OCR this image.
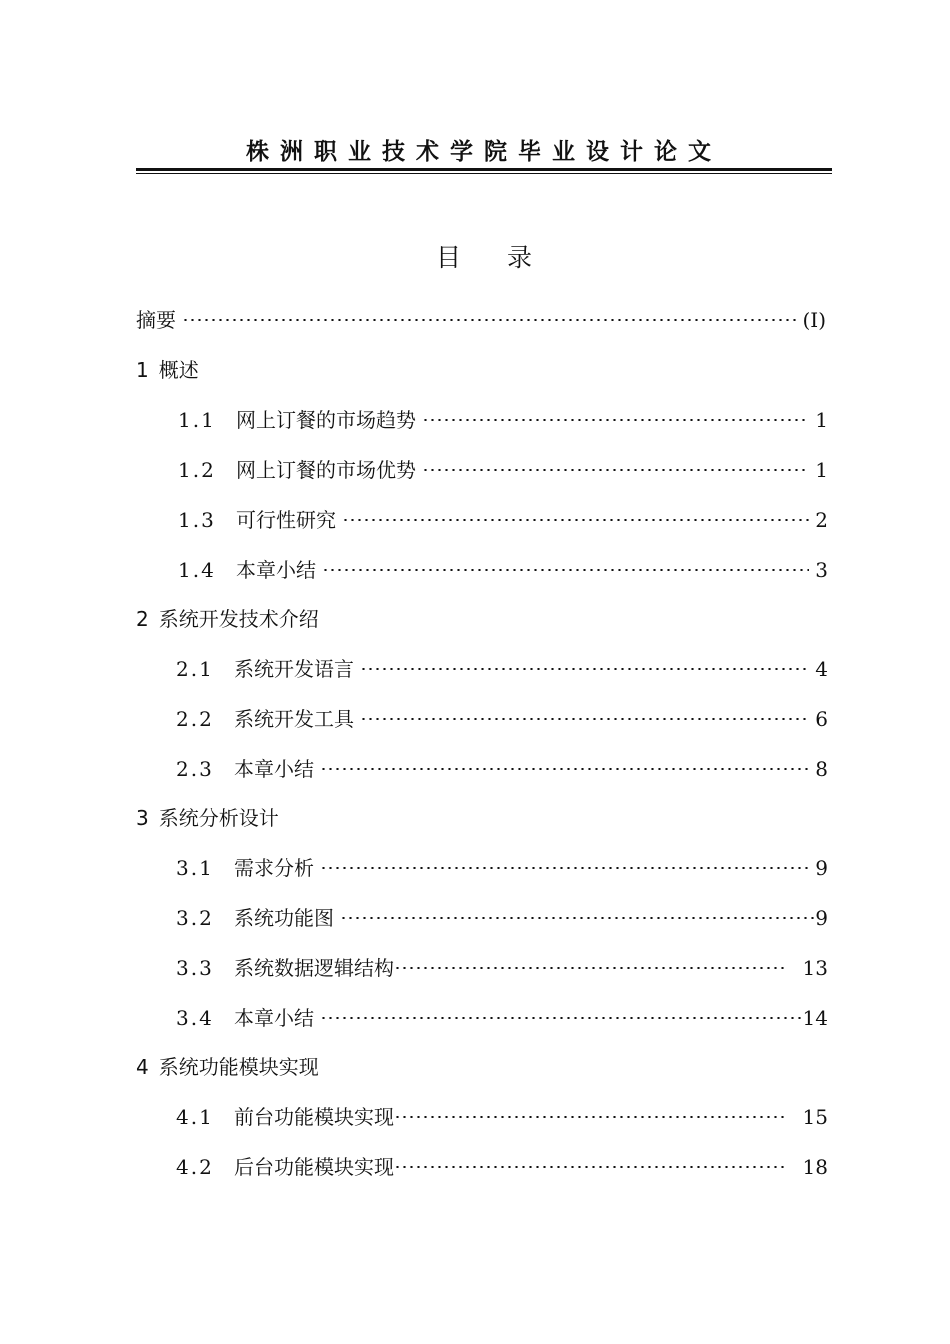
株洲职业技术学院毕业设计论文
目 录
摘要	(I)
1 概述
1.1	网上订餐的市场趋势	1
1.2	网上订餐的市场优势	1
1.3	可行性研究	2
1.4	本章小结	3
2 系统开发技术介绍
2.1	系统开发语言	4
2.2	系统开发工具	6
2.3	本章小结	8
3 系统分析设计
3.1	需求分析	9
3.2	系统功能图	9
3.3	系统数据逻辑结构	13
3.4	本章小结	14
4 系统功能模块实现
4.1	前台功能模块实现	15
4.2	后台功能模块实现	18
